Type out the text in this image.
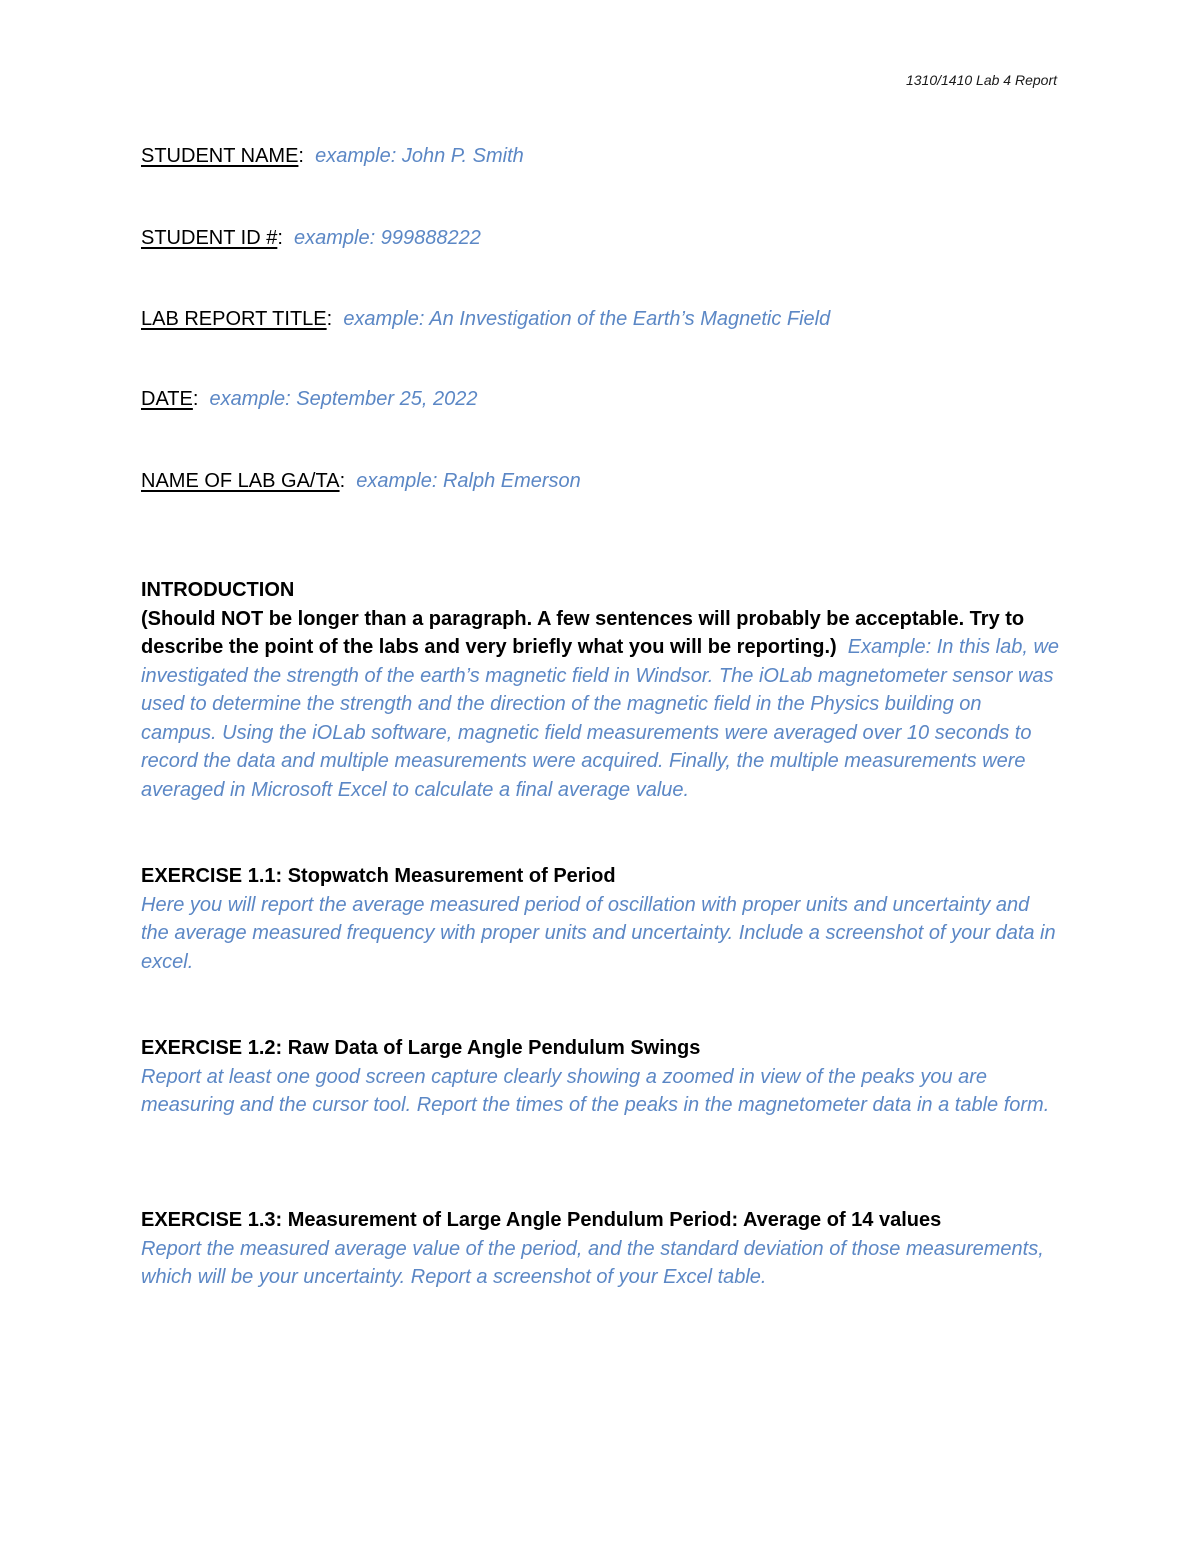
1310/1410 Lab 4 Report
STUDENT NAME: example: John P. Smith
STUDENT ID #: example: 999888222
LAB REPORT TITLE: example: An Investigation of the Earth’s Magnetic Field
DATE: example: September 25, 2022
NAME OF LAB GA/TA: example: Ralph Emerson
INTRODUCTION
(Should NOT be longer than a paragraph. A few sentences will probably be acceptable. Try to describe the point of the labs and very briefly what you will be reporting.) Example: In this lab, we investigated the strength of the earth’s magnetic field in Windsor. The iOLab magnetometer sensor was used to determine the strength and the direction of the magnetic field in the Physics building on campus. Using the iOLab software, magnetic field measurements were averaged over 10 seconds to record the data and multiple measurements were acquired. Finally, the multiple measurements were averaged in Microsoft Excel to calculate a final average value.
EXERCISE 1.1: Stopwatch Measurement of Period
Here you will report the average measured period of oscillation with proper units and uncertainty and the average measured frequency with proper units and uncertainty. Include a screenshot of your data in excel.
EXERCISE 1.2: Raw Data of Large Angle Pendulum Swings
Report at least one good screen capture clearly showing a zoomed in view of the peaks you are measuring and the cursor tool. Report the times of the peaks in the magnetometer data in a table form.
EXERCISE 1.3: Measurement of Large Angle Pendulum Period: Average of 14 values
Report the measured average value of the period, and the standard deviation of those measurements, which will be your uncertainty. Report a screenshot of your Excel table.
